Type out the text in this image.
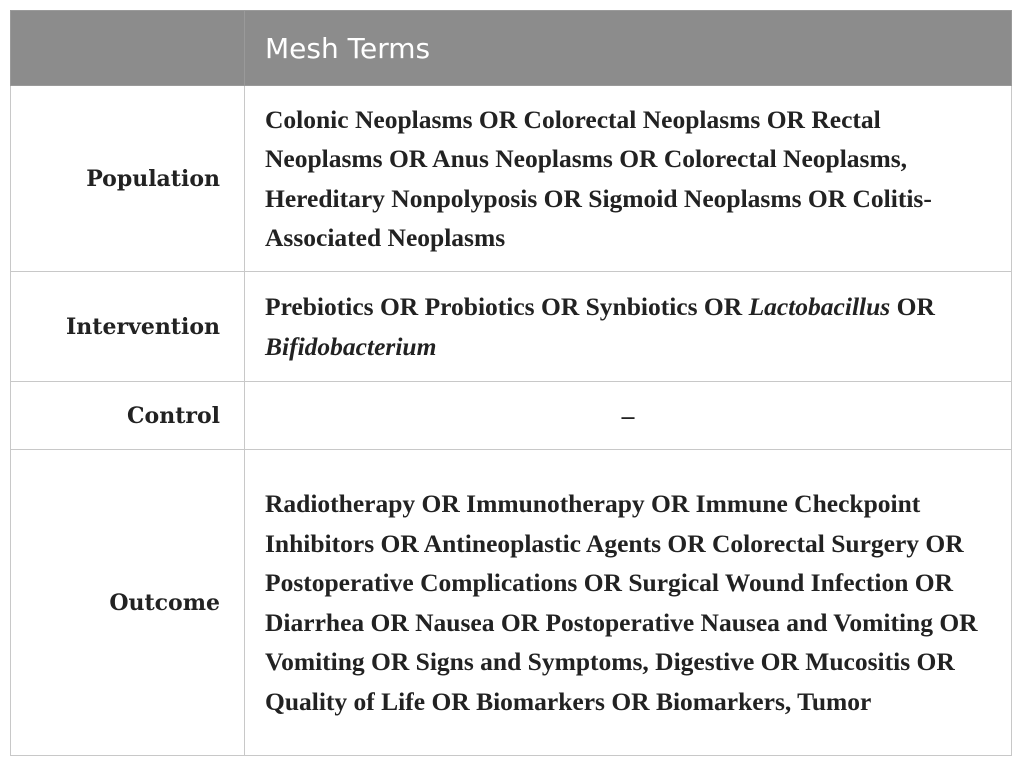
	Mesh Terms
Population	Colonic Neoplasms OR Colorectal Neoplasms OR Rectal Neoplasms OR Anus Neoplasms OR Colorectal Neoplasms, Hereditary Nonpolyposis OR Sigmoid Neoplasms OR Colitis-Associated Neoplasms
Intervention	Prebiotics OR Probiotics OR Synbiotics OR Lactobacillus OR Bifidobacterium
Control	–
Outcome	Radiotherapy OR Immunotherapy OR Immune Checkpoint Inhibitors OR Antineoplastic Agents OR Colorectal Surgery OR Postoperative Complications OR Surgical Wound Infection OR Diarrhea OR Nausea OR Postoperative Nausea and Vomiting OR Vomiting OR Signs and Symptoms, Digestive OR Mucositis OR Quality of Life OR Biomarkers OR Biomarkers, Tumor
